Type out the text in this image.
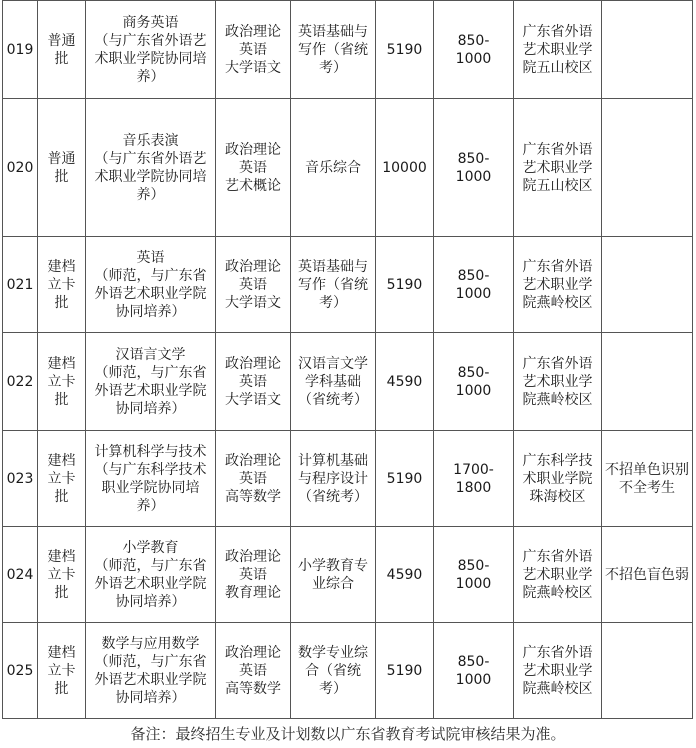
019	普通
批	商务英语
（与广东省外语艺
术职业学院协同培
养）	政治理论
英语
大学语文	英语基础与
写作（省统
考）	5190	850-
1000	广东省外语
艺术职业学
院五山校区	

020	普通
批	音乐表演
（与广东省外语艺
术职业学院协同培
养）	政治理论
英语
艺术概论	音乐综合	10000	850-
1000	广东省外语
艺术职业学
院五山校区	

021	建档
立卡
批	英语
（师范，与广东省
外语艺术职业学院
协同培养）	政治理论
英语
大学语文	英语基础与
写作（省统
考）	5190	850-
1000	广东省外语
艺术职业学
院燕岭校区	

022	建档
立卡
批	汉语言文学
（师范，与广东省
外语艺术职业学院
协同培养）	政治理论
英语
大学语文	汉语言文学
学科基础
（省统考）	4590	850-
1000	广东省外语
艺术职业学
院燕岭校区	

023	建档
立卡
批	计算机科学与技术
（与广东科学技术
职业学院协同培
养）	政治理论
英语
高等数学	计算机基础
与程序设计
（省统考）	5190	1700-
1800	广东科学技
术职业学院
珠海校区	不招单色识别
不全考生

024	建档
立卡
批	小学教育
（师范，与广东省
外语艺术职业学院
协同培养）	政治理论
英语
教育理论	小学教育专
业综合	4590	850-
1000	广东省外语
艺术职业学
院燕岭校区	不招色盲色弱

025	建档
立卡
批	数学与应用数学
（师范，与广东省
外语艺术职业学院
协同培养）	政治理论
英语
高等数学	数学专业综
合（省统
考）	5190	850-
1000	广东省外语
艺术职业学
院燕岭校区	

备注：最终招生专业及计划数以广东省教育考试院审核结果为准。
